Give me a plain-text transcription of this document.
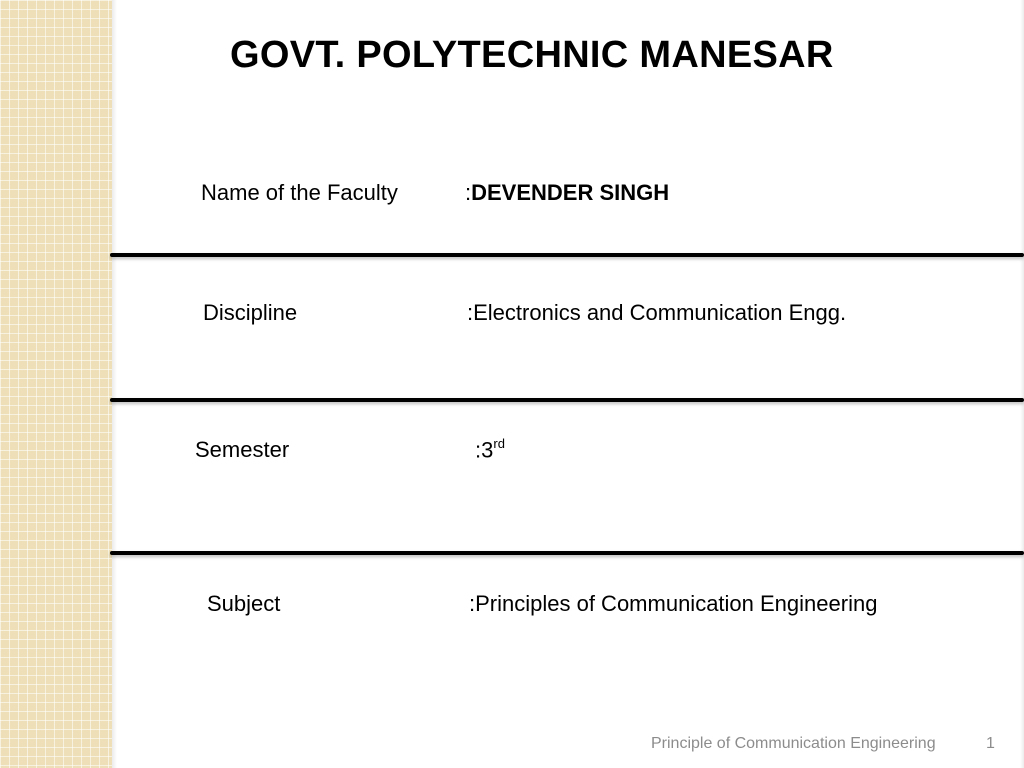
GOVT. POLYTECHNIC MANESAR
Name of the Faculty	:DEVENDER SINGH
Discipline	:Electronics and Communication Engg.
Semester	:3rd
Subject	:Principles of Communication Engineering
Principle of Communication Engineering	1
